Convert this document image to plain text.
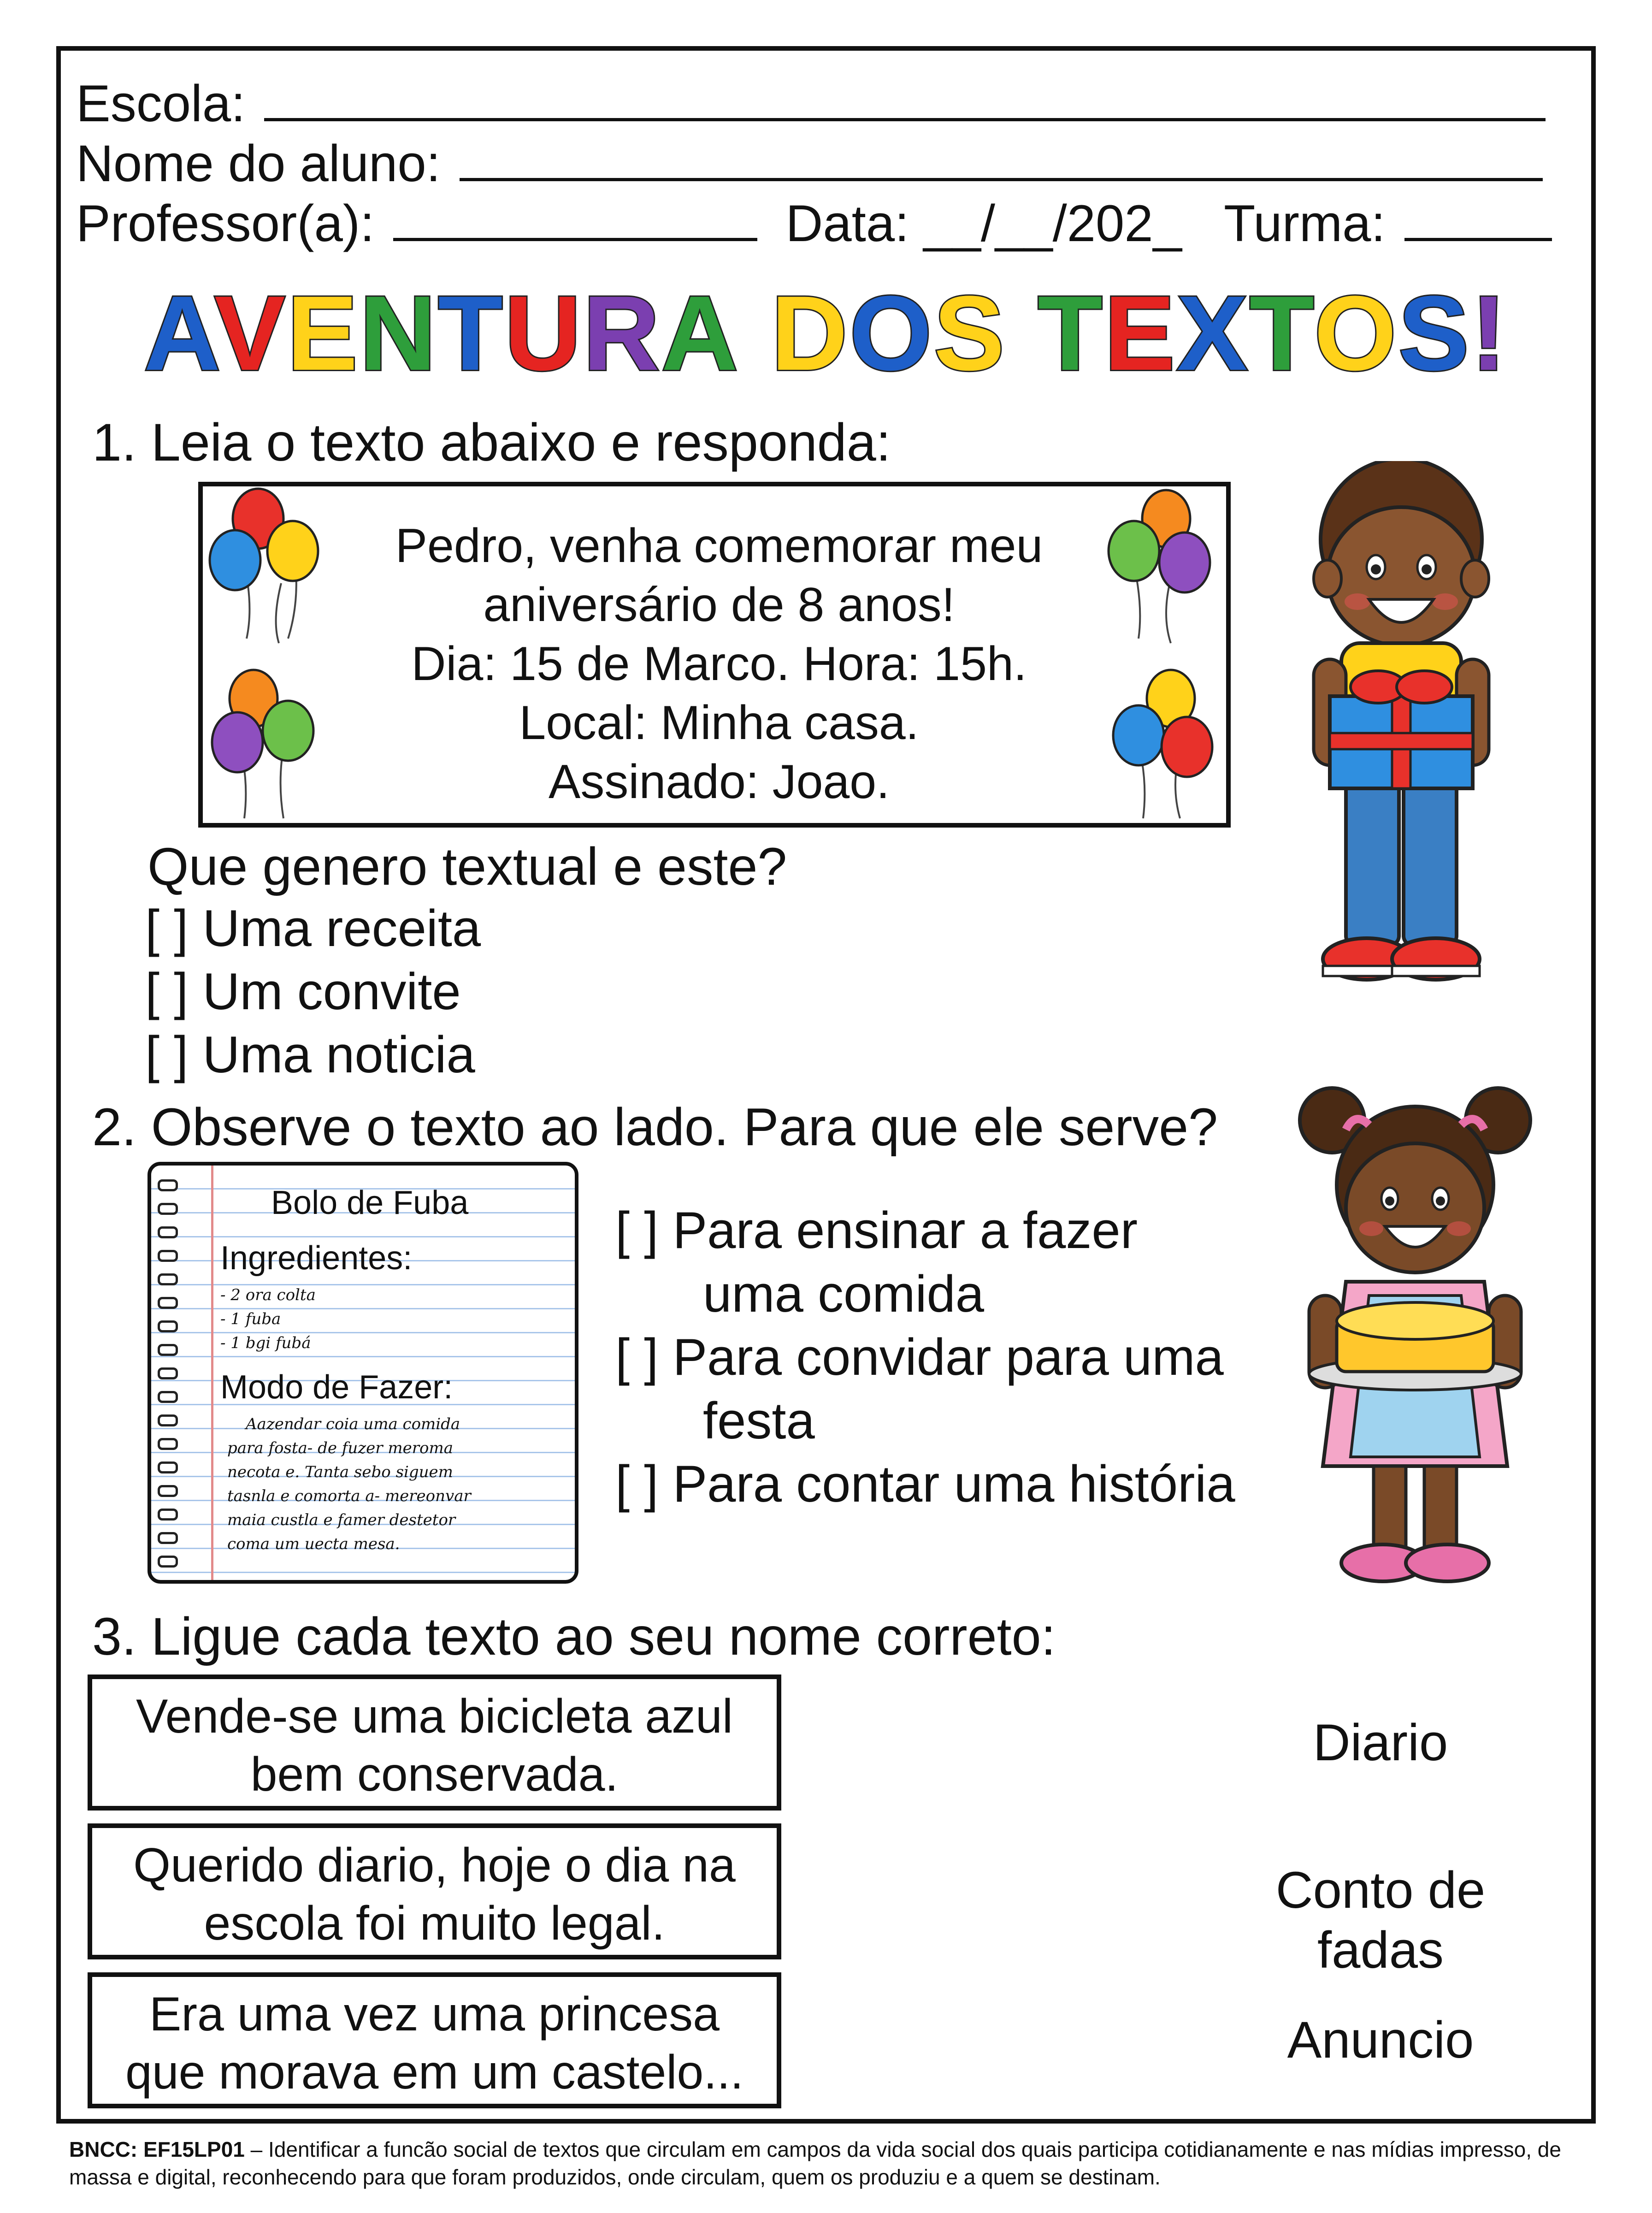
Escola:
Nome do aluno:
Professor(a):	Data: __/__/202_ Turma:
AVENTURA DOS TEXTOS!
1. Leia o texto abaixo e responda:
Pedro, venha comemorar meu
aniversário de 8 anos!
Dia: 15 de Marco. Hora: 15h.
Local: Minha casa.
Assinado: Joao.
Que genero textual e este?
[ ] Uma receita
[ ] Um convite
[ ] Uma noticia
2. Observe o texto ao lado. Para que ele serve?
Bolo de Fuba
Ingredientes:
- 2 ora colta
- 1 fuba
- 1 bgi fubá
Modo de Fazer:
Aazendar coia uma comida
para fosta- de fuzer meroma
necota e. Tanta sebo siguem
tasnla e comorta a- mereonvar
maia custla e famer destetor
coma um uecta mesa.
[ ] Para ensinar a fazer
uma comida
[ ] Para convidar para uma
festa
[ ] Para contar uma história
3. Ligue cada texto ao seu nome correto:
Vende-se uma bicicleta azul
bem conservada.
Querido diario, hoje o dia na
escola foi muito legal.
Era uma vez uma princesa
que morava em um castelo...
Diario
Conto de fadas
Anuncio
BNCC: EF15LP01 – Identificar a funcão social de textos que circulam em campos da vida social dos quais participa cotidianamente e nas mídias impresso, de massa e digital, reconhecendo para que foram produzidos, onde circulam, quem os produziu e a quem se destinam.
